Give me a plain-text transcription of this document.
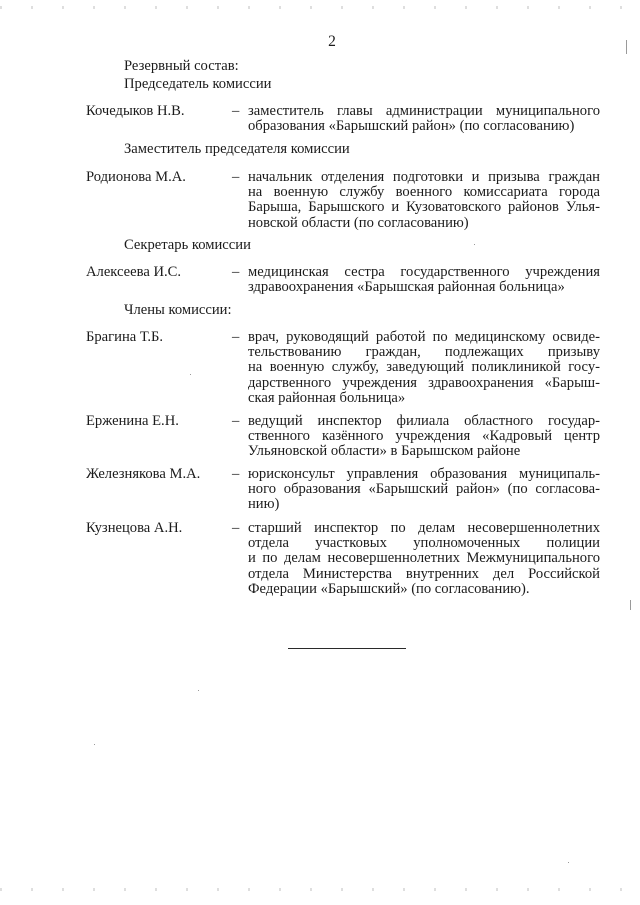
2
Резервный состав:
Председатель комиссии
Кочедыков Н.В.	– заместитель главы администрации муниципального
образования «Барышский район» (по согласованию)
Заместитель председателя комиссии
Родионова М.А.	– начальник отделения подготовки и призыва граждан
на военную службу военного комиссариата города
Барыша, Барышского и Кузоватовского районов Улья-
новской области (по согласованию)
Секретарь комиссии
Алексеева И.С.	– медицинская сестра государственного учреждения
здравоохранения «Барышская районная больница»
Члены комиссии:
Брагина Т.Б.	– врач, руководящий работой по медицинскому освиде-
тельствованию граждан, подлежащих призыву
на военную службу, заведующий поликлиникой госу-
дарственного учреждения здравоохранения «Барыш-
ская районная больница»
Ерженина Е.Н.	– ведущий инспектор филиала областного государ-
ственного казённого учреждения «Кадровый центр
Ульяновской области» в Барышском районе
Железнякова М.А. – юрисконсульт управления образования муниципаль-
ного образования «Барышский район» (по согласова-
нию)
Кузнецова А.Н.	– старший инспектор по делам несовершеннолетних
отдела участковых уполномоченных полиции
и по делам несовершеннолетних Межмуниципального
отдела Министерства внутренних дел Российской
Федерации «Барышский» (по согласованию).
